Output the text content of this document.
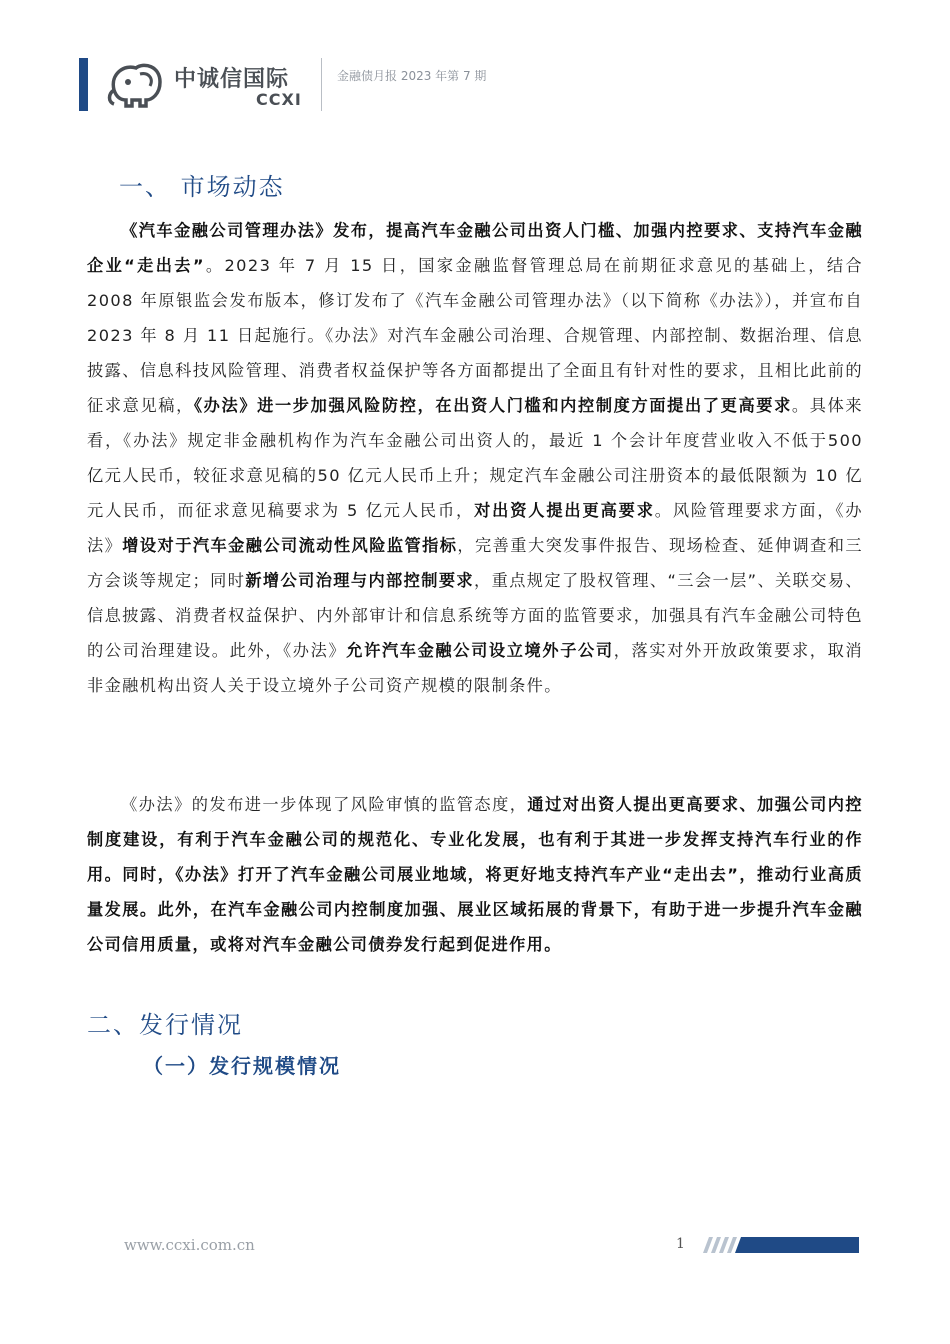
中诚信国际
CCXI
金融债月报 2023 年第 7 期
一、 市场动态

《汽车金融公司管理办法》发布，提高汽车金融公司出资人门槛、加强内控要求、支持汽车金融企业“走出去”。2023 年 7 月 15 日，国家金融监督管理总局在前期征求意见的基础上，结合 2008 年原银监会发布版本，修订发布了《汽车金融公司管理办法》（以下简称《办法》），并宣布自 2023 年 8 月 11 日起施行。《办法》对汽车金融公司治理、合规管理、内部控制、数据治理、信息披露、信息科技风险管理、消费者权益保护等各方面都提出了全面且有针对性的要求，且相比此前的征求意见稿，《办法》进一步加强风险防控，在出资人门槛和内控制度方面提出了更高要求。具体来看，《办法》规定非金融机构作为汽车金融公司出资人的，最近 1 个会计年度营业收入不低于500 亿元人民币，较征求意见稿的50 亿元人民币上升；规定汽车金融公司注册资本的最低限额为 10 亿元人民币，而征求意见稿要求为 5 亿元人民币，对出资人提出更高要求。风险管理要求方面，《办法》增设对于汽车金融公司流动性风险监管指标，完善重大突发事件报告、现场检查、延伸调查和三方会谈等规定；同时新增公司治理与内部控制要求，重点规定了股权管理、“三会一层”、关联交易、信息披露、消费者权益保护、内外部审计和信息系统等方面的监管要求，加强具有汽车金融公司特色的公司治理建设。此外，《办法》允许汽车金融公司设立境外子公司，落实对外开放政策要求，取消非金融机构出资人关于设立境外子公司资产规模的限制条件。

《办法》的发布进一步体现了风险审慎的监管态度，通过对出资人提出更高要求、加强公司内控制度建设，有利于汽车金融公司的规范化、专业化发展，也有利于其进一步发挥支持汽车行业的作用。同时，《办法》打开了汽车金融公司展业地域，将更好地支持汽车产业“走出去”，推动行业高质量发展。此外，在汽车金融公司内控制度加强、展业区域拓展的背景下，有助于进一步提升汽车金融公司信用质量，或将对汽车金融公司债券发行起到促进作用。

二、发行情况
（一）发行规模情况
www.ccxi.com.cn	1
